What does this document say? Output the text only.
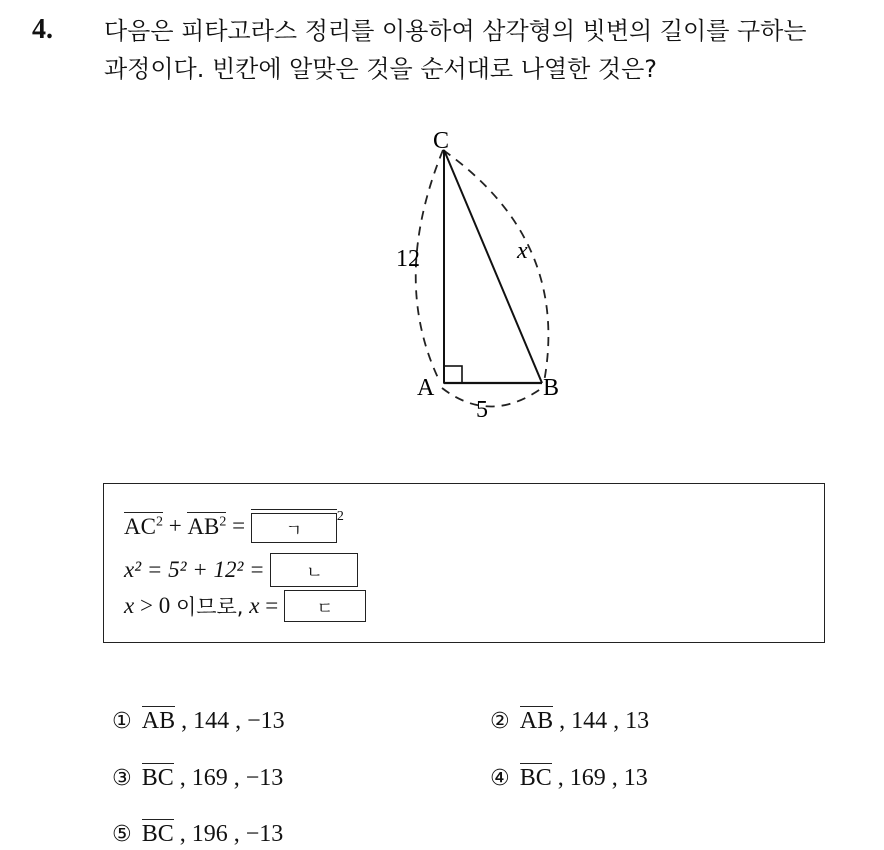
4. 다음은 피타고라스 정리를 이용하여 삼각형의 빗변의 길이를 구하는
과정이다. 빈칸에 알맞은 것을 순서대로 나열한 것은?
C
A	B
12
5
x
$AC^2 + AB^2$ =	ㄱ
$^2$
x² = 5² + 12² =	ㄴ
x > 0 이므로, x =	ㄷ
① AB , 144 , −13	② AB , 144 , 13
③ BC , 169 , −13	④ BC , 169 , 13
⑤ BC , 196 , −13
